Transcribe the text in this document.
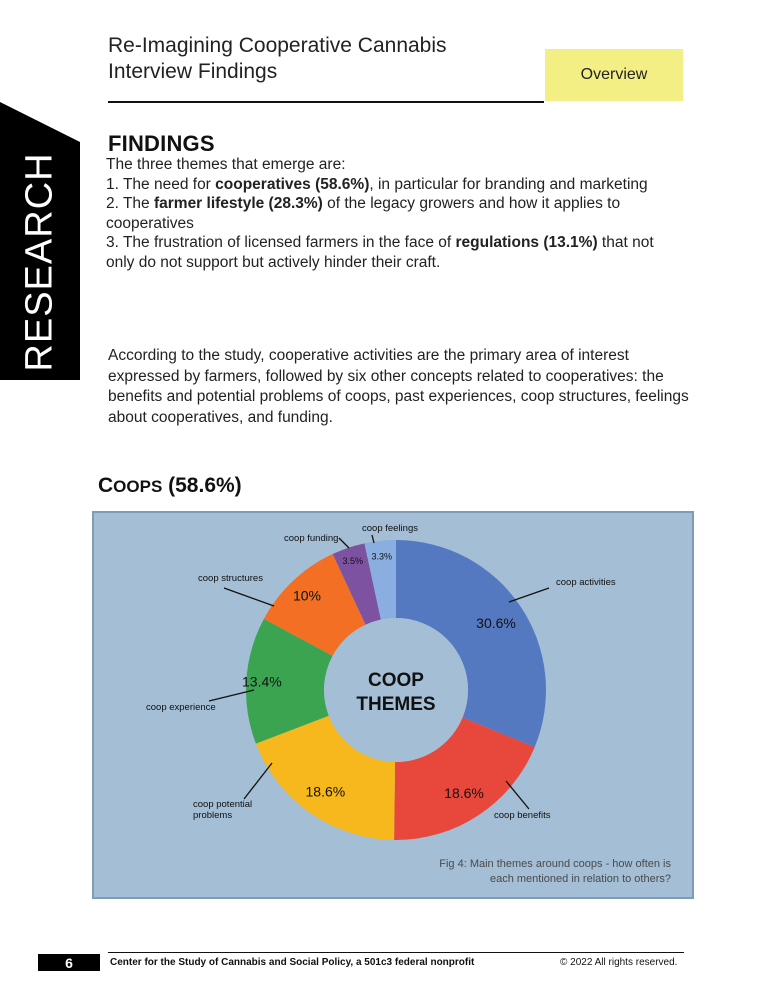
Re-Imagining Cooperative Cannabis
Interview Findings	Overview
RESEARCH
FINDINGS

The three themes that emerge are:

1. The need for cooperatives (58.6%), in particular for branding and marketing

2. The farmer lifestyle (28.3%) of the legacy growers and how it applies to cooperatives

3. The frustration of licensed farmers in the face of regulations (13.1%) that not only do not support but actively hinder their craft.

According to the study, cooperative activities are the primary area of interest expressed by farmers, followed by six other concepts related to cooperatives: the benefits and potential problems of coops, past experiences, coop structures, feelings about cooperatives, and funding.

COOPS (58.6%)
30.6%
coop activities
18.6%
coop benefits
18.6%
coop potential problems
13.4%
coop experience
10%
coop structures
3.5%
coop funding
3.3%
coop feelings
COOP
THEMES
Fig 4: Main themes around coops - how often is
each mentioned in relation to others?
6	Center for the Study of Cannabis and Social Policy, a 501c3 federal nonprofit	© 2022 All rights reserved.
